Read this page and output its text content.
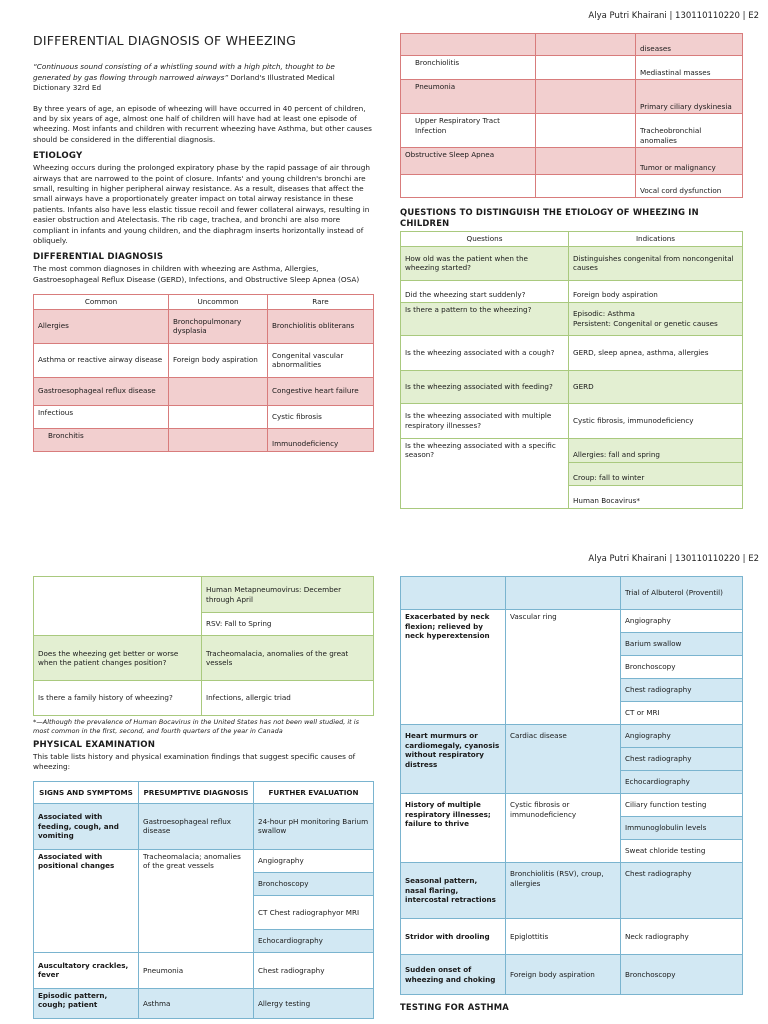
Alya Putri Khairani | 130110110220 | E2
DIFFERENTIAL DIAGNOSIS OF WHEEZING
“Continuous sound consisting of a whistling sound with a high pitch, thought to be generated by gas flowing through narrowed airways” Dorland's Illustrated Medical Dictionary 32rd Ed

By three years of age, an episode of wheezing will have occurred in 40 percent of children, and by six years of age, almost one half of children will have had at least one episode of wheezing. Most infants and children with recurrent wheezing have Asthma, but other causes should be considered in the differential diagnosis.

ETIOLOGY

Wheezing occurs during the prolonged expiratory phase by the rapid passage of air through airways that are narrowed to the point of closure. Infants' and young children's bronchi are small, resulting in higher peripheral airway resistance. As a result, diseases that affect the small airways have a proportionately greater impact on total airway resistance in these patients. Infants also have less elastic tissue recoil and fewer collateral airways, resulting in easier obstruction and Atelectasis. The rib cage, trachea, and bronchi are also more compliant in infants and young children, and the diaphragm inserts horizontally instead of obliquely.

DIFFERENTIAL DIAGNOSIS

The most common diagnoses in children with wheezing are Asthma, Allergies, Gastroesophageal Reflux Disease (GERD), Infections, and Obstructive Sleep Apnea (OSA)

Common	Uncommon	Rare
Allergies	Bronchopulmonary dysplasia	Bronchiolitis obliterans
Asthma or reactive airway disease	Foreign body aspiration	Congenital vascular abnormalities
Gastroesophageal reflux disease		Congestive heart failure
Infectious		Cystic fibrosis
Bronchitis		Immunodeficiency
		diseases
Bronchiolitis		Mediastinal masses
Pneumonia		Primary ciliary dyskinesia
Upper Respiratory Tract Infection		Tracheobronchial anomalies
Obstructive Sleep Apnea		Tumor or malignancy
		Vocal cord dysfunction
QUESTIONS TO DISTINGUISH THE ETIOLOGY OF WHEEZING IN CHILDREN
Questions	Indications
How old was the patient when the wheezing started?	Distinguishes congenital from noncongenital causes
Did the wheezing start suddenly?	Foreign body aspiration
Is there a pattern to the wheezing?	Episodic: Asthma
Persistent: Congenital or genetic causes
Is the wheezing associated with a cough?	GERD, sleep apnea, asthma, allergies
Is the wheezing associated with feeding?	GERD
Is the wheezing associated with multiple respiratory illnesses?	Cystic fibrosis, immunodeficiency
Is the wheezing associated with a specific season?	Allergies: fall and spring
	Croup: fall to winter
	Human Bocavirus*
Alya Putri Khairani | 130110110220 | E2
	Human Metapneumovirus: December through April
	RSV: Fall to Spring
Does the wheezing get better or worse when the patient changes position?	Tracheomalacia, anomalies of the great vessels
Is there a family history of wheezing?	Infections, allergic triad
*—Although the prevalence of Human Bocavirus in the United States has not been well studied, it is most common in the first, second, and fourth quarters of the year in Canada
PHYSICAL EXAMINATION

This table lists history and physical examination findings that suggest specific causes of wheezing:

SIGNS AND SYMPTOMS	PRESUMPTIVE DIAGNOSIS	FURTHER EVALUATION
Associated with feeding, cough, and vomiting	Gastroesophageal reflux disease	24-hour pH monitoring Barium swallow
Associated with positional changes	Tracheomalacia; anomalies of the great vessels	Angiography
		Bronchoscopy
		CT Chest radiographyor MRI
		Echocardiography
Auscultatory crackles, fever	Pneumonia	Chest radiography
Episodic pattern, cough; patient	Asthma	Allergy testing
		Trial of Albuterol (Proventil)
Exacerbated by neck flexion; relieved by neck hyperextension	Vascular ring	Angiography
		Barium swallow
		Bronchoscopy
		Chest radiography
		CT or MRI
Heart murmurs or cardiomegaly, cyanosis without respiratory distress	Cardiac disease	Angiography
		Chest radiography
		Echocardiography
History of multiple respiratory illnesses; failure to thrive	Cystic fibrosis or immunodeficiency	Ciliary function testing
		Immunoglobulin levels
		Sweat chloride testing
Seasonal pattern, nasal flaring, intercostal retractions	Bronchiolitis (RSV), croup, allergies	Chest radiography
Stridor with drooling	Epiglottitis	Neck radiography
Sudden onset of wheezing and choking	Foreign body aspiration	Bronchoscopy
TESTING FOR ASTHMA
